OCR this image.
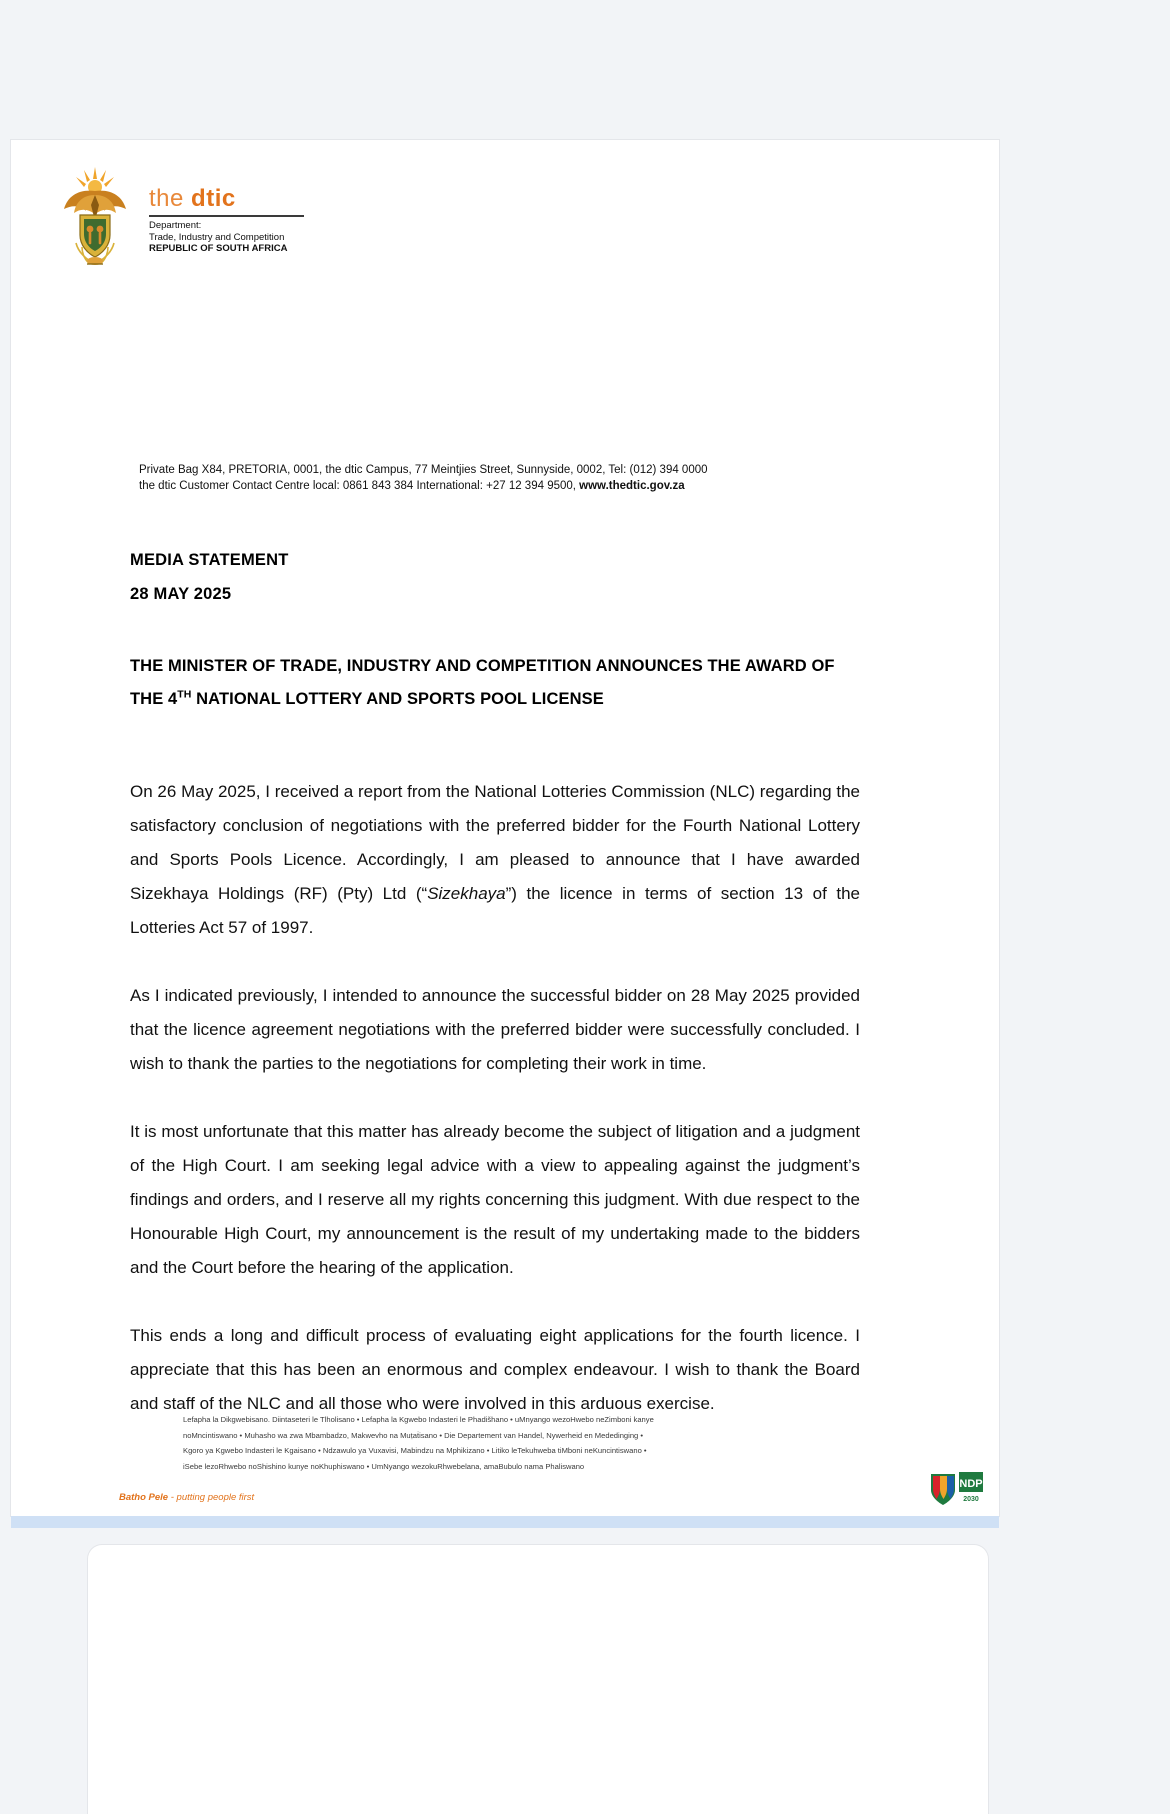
the dtic
Department:
Trade, Industry and Competition
REPUBLIC OF SOUTH AFRICA
Private Bag X84, PRETORIA, 0001, the dtic Campus, 77 Meintjies Street, Sunnyside, 0002, Tel: (012) 394 0000
the dtic Customer Contact Centre local: 0861 843 384 International: +27 12 394 9500, www.thedtic.gov.za
MEDIA STATEMENT
28 MAY 2025
THE MINISTER OF TRADE, INDUSTRY AND COMPETITION ANNOUNCES THE AWARD OF THE 4TH NATIONAL LOTTERY AND SPORTS POOL LICENSE

On 26 May 2025, I received a report from the National Lotteries Commission (NLC) regarding the satisfactory conclusion of negotiations with the preferred bidder for the Fourth National Lottery and Sports Pools Licence. Accordingly, I am pleased to announce that I have awarded Sizekhaya Holdings (RF) (Pty) Ltd (“Sizekhaya”) the licence in terms of section 13 of the Lotteries Act 57 of 1997.

As I indicated previously, I intended to announce the successful bidder on 28 May 2025 provided that the licence agreement negotiations with the preferred bidder were successfully concluded. I wish to thank the parties to the negotiations for completing their work in time.

It is most unfortunate that this matter has already become the subject of litigation and a judgment of the High Court. I am seeking legal advice with a view to appealing against the judgment’s findings and orders, and I reserve all my rights concerning this judgment. With due respect to the Honourable High Court, my announcement is the result of my undertaking made to the bidders and the Court before the hearing of the application.

This ends a long and difficult process of evaluating eight applications for the fourth licence. I appreciate that this has been an enormous and complex endeavour. I wish to thank the Board and staff of the NLC and all those who were involved in this arduous exercise.

Lefapha la Dikgwebisano. Diintaseteri le Tlholisano • Lefapha la Kgwebo Indasteri le Phadišhano • uMnyango wezoHwebo neZimboni kanye
noMncintiswano • Muhasho wa zwa Mbambadzo, Makwevho na Muṭaṫisano • Die Departement van Handel, Nywerheid en Mededinging •
Kgoro ya Kgwebo Indasteri le Kgaisano • Ndzawulo ya Vuxavisi, Mabindzu na Mphikizano • Litiko leTekuhweba tiMboni neKuncintiswano •
iSebe lezoRhwebo noShishino kunye noKhuphiswano • UmNyango wezokuRhwebelana, amaBubulo nama Phaliswano
Batho Pele - putting people first
NDP
2030
